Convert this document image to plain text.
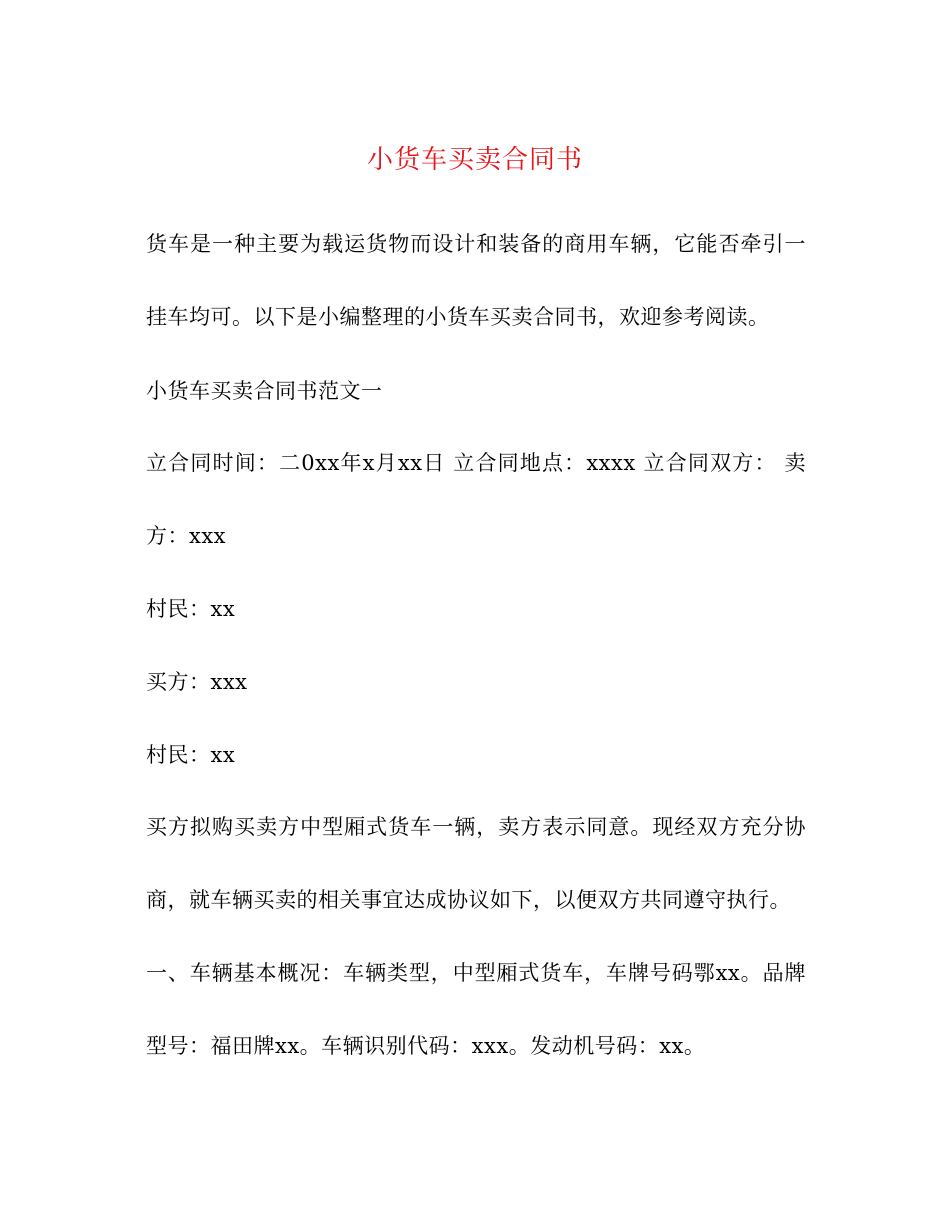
小货车买卖合同书
货车是一种主要为载运货物而设计和装备的商用车辆，它能否牵引一
挂车均可。以下是小编整理的小货车买卖合同书，欢迎参考阅读。
小货车买卖合同书范文一
立合同时间：二0xx年x月xx日 立合同地点：xxxx 立合同双方： 卖
方：xxx
村民：xx
买方：xxx
村民：xx
买方拟购买卖方中型厢式货车一辆，卖方表示同意。现经双方充分协
商，就车辆买卖的相关事宜达成协议如下，以便双方共同遵守执行。
一、车辆基本概况：车辆类型，中型厢式货车，车牌号码鄂xx。品牌
型号：福田牌xx。车辆识别代码：xxx。发动机号码：xx。
